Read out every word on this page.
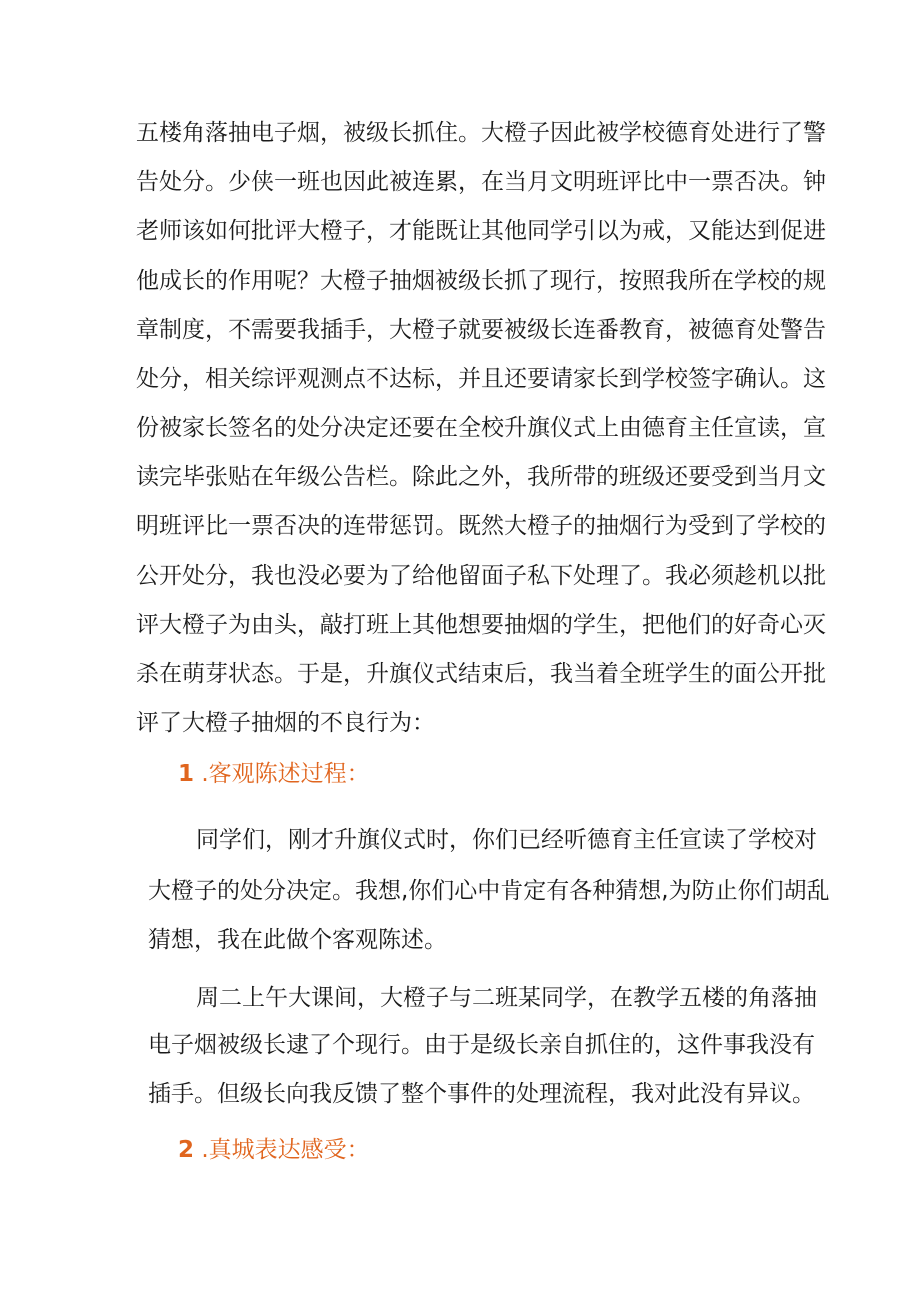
五楼角落抽电子烟，被级长抓住。大橙子因此被学校德育处进行了警
告处分。少侠一班也因此被连累，在当月文明班评比中一票否决。钟
老师该如何批评大橙子，才能既让其他同学引以为戒，又能达到促进
他成长的作用呢？大橙子抽烟被级长抓了现行，按照我所在学校的规
章制度，不需要我插手，大橙子就要被级长连番教育，被德育处警告
处分，相关综评观测点不达标，并且还要请家长到学校签字确认。这
份被家长签名的处分决定还要在全校升旗仪式上由德育主任宣读，宣
读完毕张贴在年级公告栏。除此之外，我所带的班级还要受到当月文
明班评比一票否决的连带惩罚。既然大橙子的抽烟行为受到了学校的
公开处分，我也没必要为了给他留面子私下处理了。我必须趁机以批
评大橙子为由头，敲打班上其他想要抽烟的学生，把他们的好奇心灭
杀在萌芽状态。于是，升旗仪式结束后，我当着全班学生的面公开批
评了大橙子抽烟的不良行为：
1 .客观陈述过程：
同学们，刚才升旗仪式时，你们已经听德育主任宣读了学校对
大橙子的处分决定。我想,你们心中肯定有各种猜想,为防止你们胡乱
猜想，我在此做个客观陈述。
周二上午大课间，大橙子与二班某同学，在教学五楼的角落抽
电子烟被级长逮了个现行。由于是级长亲自抓住的，这件事我没有
插手。但级长向我反馈了整个事件的处理流程，我对此没有异议。
2 .真城表达感受：
